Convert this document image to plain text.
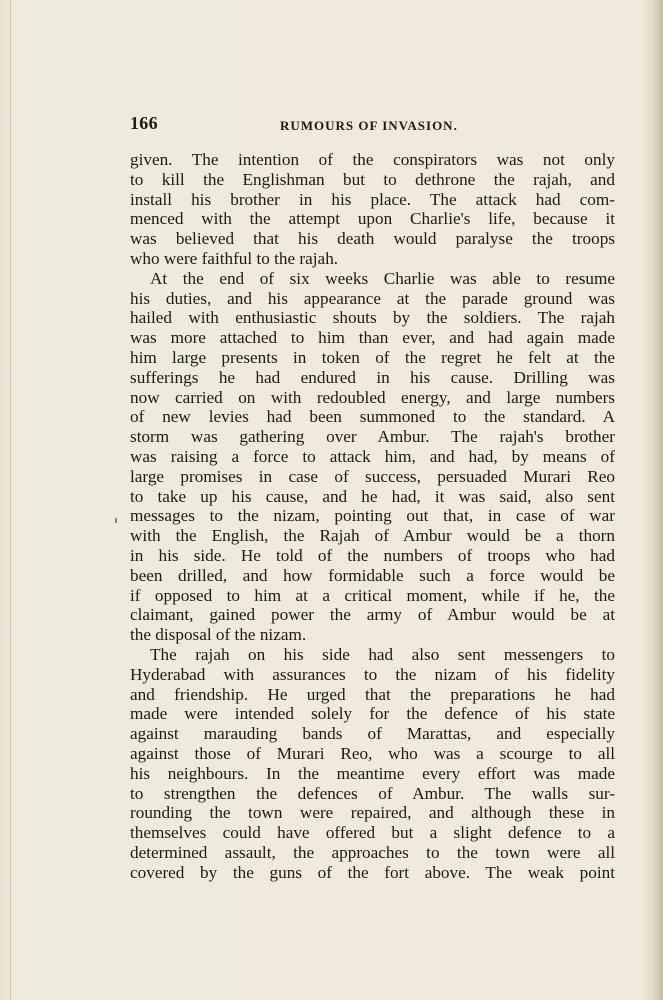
166	RUMOURS OF INVASION.
given. The intention of the conspirators was not only
to kill the Englishman but to dethrone the rajah, and
install his brother in his place. The attack had com-
menced with the attempt upon Charlie's life, because it
was believed that his death would paralyse the troops
who were faithful to the rajah.
At the end of six weeks Charlie was able to resume
his duties, and his appearance at the parade ground was
hailed with enthusiastic shouts by the soldiers. The rajah
was more attached to him than ever, and had again made
him large presents in token of the regret he felt at the
sufferings he had endured in his cause. Drilling was
now carried on with redoubled energy, and large numbers
of new levies had been summoned to the standard. A
storm was gathering over Ambur. The rajah's brother
was raising a force to attack him, and had, by means of
large promises in case of success, persuaded Murari Reo
to take up his cause, and he had, it was said, also sent
messages to the nizam, pointing out that, in case of war
with the English, the Rajah of Ambur would be a thorn
in his side. He told of the numbers of troops who had
been drilled, and how formidable such a force would be
if opposed to him at a critical moment, while if he, the
claimant, gained power the army of Ambur would be at
the disposal of the nizam.
The rajah on his side had also sent messengers to
Hyderabad with assurances to the nizam of his fidelity
and friendship. He urged that the preparations he had
made were intended solely for the defence of his state
against marauding bands of Marattas, and especially
against those of Murari Reo, who was a scourge to all
his neighbours. In the meantime every effort was made
to strengthen the defences of Ambur. The walls sur-
rounding the town were repaired, and although these in
themselves could have offered but a slight defence to a
determined assault, the approaches to the town were all
covered by the guns of the fort above. The weak point
